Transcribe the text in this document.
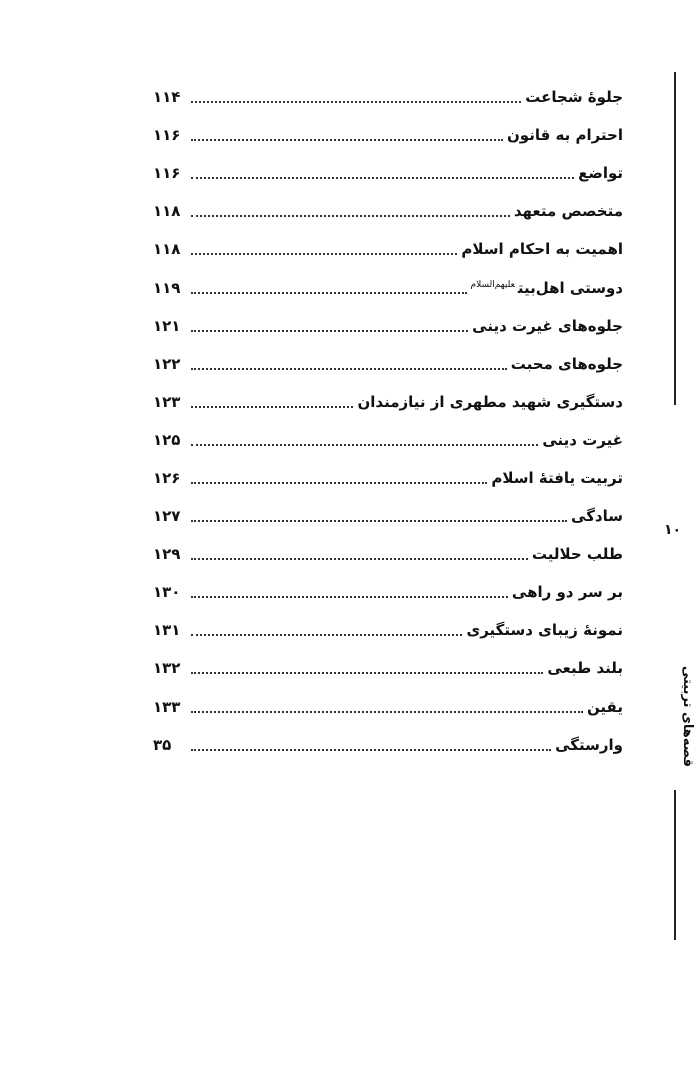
۱۰
قصه‌های تربیتی
جلوۀ شجاعت
۱۱۴
احترام به قانون
۱۱۶
تواضع
۱۱۶
متخصص متعهد
۱۱۸
اهمیت به احکام اسلام
۱۱۸
دوستی اهل‌بیت$^{علیهم‌السلام}$
۱۱۹
جلوه‌های غیرت دینی
۱۲۱
جلوه‌های محبت
۱۲۲
دستگیری شهید مطهری از نیازمندان
۱۲۳
غیرت دینی
۱۲۵
تربیت یافتۀ اسلام
۱۲۶
سادگی
۱۲۷
طلب حلالیت
۱۲۹
بر سر دو راهی
۱۳۰
نمونۀ زیبای دستگیری
۱۳۱
بلند طبعی
۱۳۲
یقین
۱۳۳
وارستگی
۳۵
